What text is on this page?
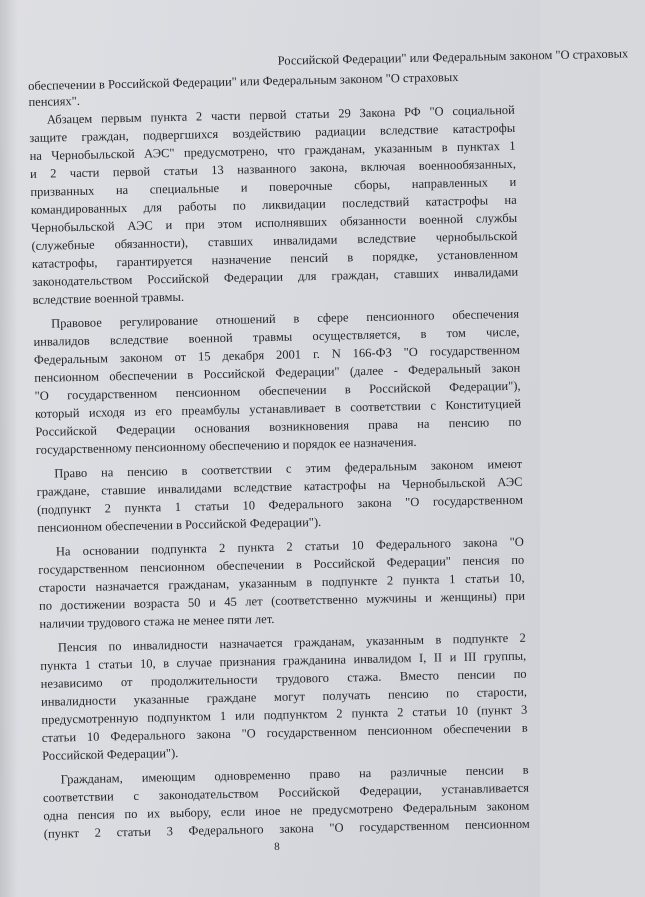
Российской Федерации" или Федеральным законом "О страховых
обеспечении в Российской Федерации" или Федеральным законом "О страховых
пенсиях".
Абзацем первым пункта 2 части первой статьи 29 Закона РФ "О социальной
защите граждан, подвергшихся воздействию радиации вследствие катастрофы
на Чернобыльской АЭС" предусмотрено, что гражданам, указанным в пунктах 1
и 2 части первой статьи 13 названного закона, включая военнообязанных,
призванных на специальные и поверочные сборы, направленных и
командированных для работы по ликвидации последствий катастрофы на
Чернобыльской АЭС и при этом исполнявших обязанности военной службы
(служебные обязанности), ставших инвалидами вследствие чернобыльской
катастрофы, гарантируется назначение пенсий в порядке, установленном
законодательством Российской Федерации для граждан, ставших инвалидами
вследствие военной травмы.
Правовое регулирование отношений в сфере пенсионного обеспечения
инвалидов вследствие военной травмы осуществляется, в том числе,
Федеральным законом от 15 декабря 2001 г. N 166-ФЗ "О государственном
пенсионном обеспечении в Российской Федерации" (далее - Федеральный закон
"О государственном пенсионном обеспечении в Российской Федерации"),
который исходя из его преамбулы устанавливает в соответствии с Конституцией
Российской Федерации основания возникновения права на пенсию по
государственному пенсионному обеспечению и порядок ее назначения.
Право на пенсию в соответствии с этим федеральным законом имеют
граждане, ставшие инвалидами вследствие катастрофы на Чернобыльской АЭС
(подпункт 2 пункта 1 статьи 10 Федерального закона "О государственном
пенсионном обеспечении в Российской Федерации").
На основании подпункта 2 пункта 2 статьи 10 Федерального закона "О
государственном пенсионном обеспечении в Российской Федерации" пенсия по
старости назначается гражданам, указанным в подпункте 2 пункта 1 статьи 10,
по достижении возраста 50 и 45 лет (соответственно мужчины и женщины) при
наличии трудового стажа не менее пяти лет.
Пенсия по инвалидности назначается гражданам, указанным в подпункте 2
пункта 1 статьи 10, в случае признания гражданина инвалидом I, II и III группы,
независимо от продолжительности трудового стажа. Вместо пенсии по
инвалидности указанные граждане могут получать пенсию по старости,
предусмотренную подпунктом 1 или подпунктом 2 пункта 2 статьи 10 (пункт 3
статьи 10 Федерального закона "О государственном пенсионном обеспечении в
Российской Федерации").
Гражданам, имеющим одновременно право на различные пенсии в
соответствии с законодательством Российской Федерации, устанавливается
одна пенсия по их выбору, если иное не предусмотрено Федеральным законом
(пункт 2 статьи 3 Федерального закона "О государственном пенсионном
8
